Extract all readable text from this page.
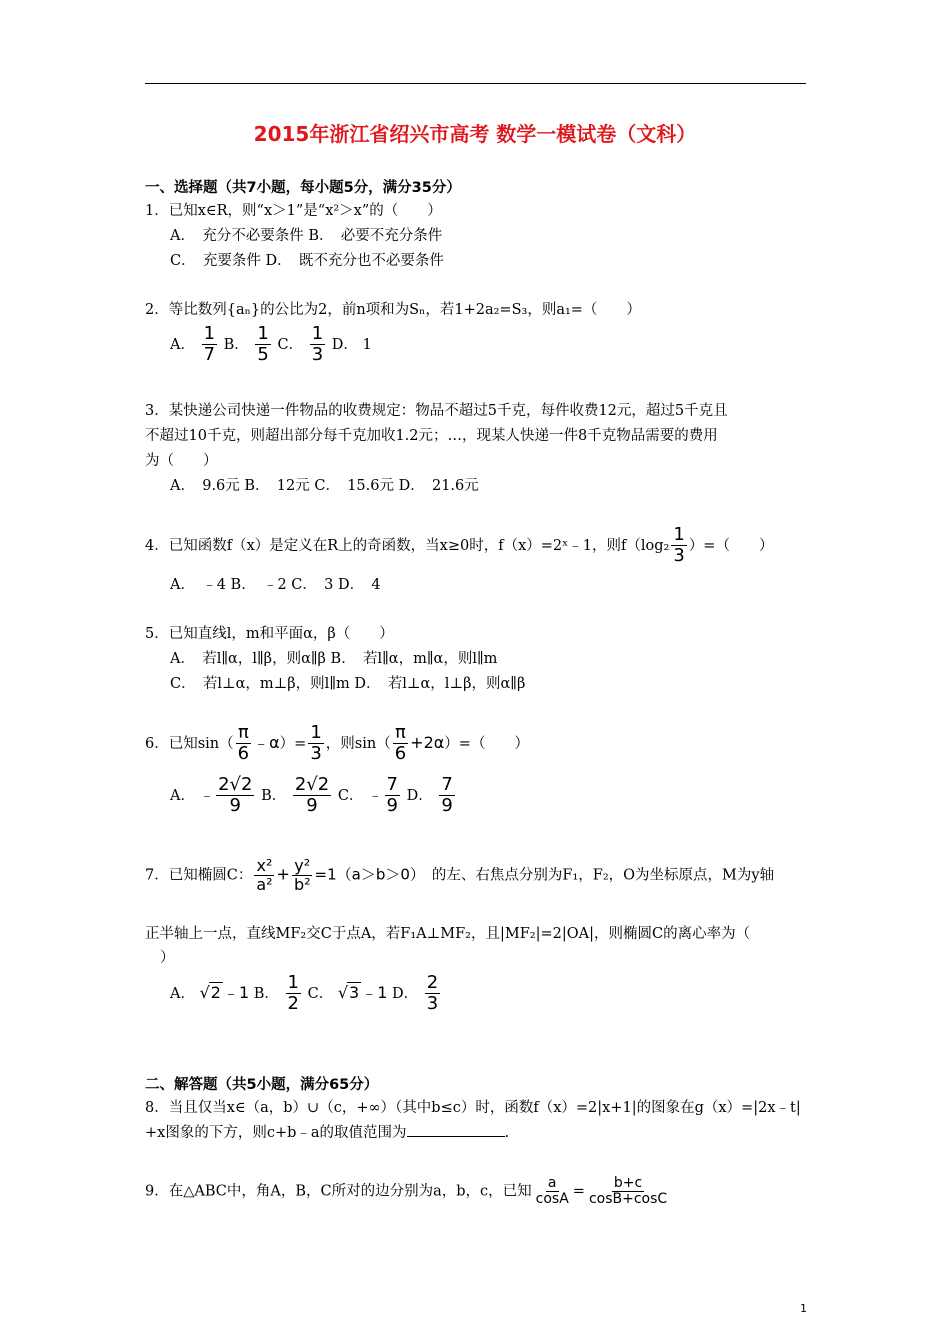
2015年浙江省绍兴市高考 数学一模试卷（文科）
一、选择题（共7小题，每小题5分，满分35分）
1．已知x∈R，则“x＞1”是“x²＞x”的（　　）
A．　充分不必要条件 B．　必要不充分条件
C．　充要条件 D．　既不充分也不必要条件
2．等比数列{aₙ}的公比为2，前n项和为Sₙ，若1+2a₂=S₃，则a₁=（　　）
A． $\frac{1}{7}$ B． $\frac{1}{5}$ C． $\frac{1}{3}$ D． 1
3．某快递公司快递一件物品的收费规定：物品不超过5千克，每件收费12元，超过5千克且
不超过10千克，则超出部分每千克加收1.2元；…，现某人快递一件8千克物品需要的费用
为（　　）
A．　9.6元 B．　12元 C．　15.6元 D．　21.6元
4．已知函数f（x）是定义在R上的奇函数，当x≥0时，f（x）=2ˣ﹣1，则$f(\log_2 \frac{1}{3}$ ）=（　　）
A．　﹣4 B．　﹣2 C．　3 D．　4
5．已知直线l，m和平面α，β（　　）
A．　若l∥α，l∥β，则α∥β B．　若l∥α，m∥α，则l∥m
C．　若l⊥α，m⊥β，则l∥m D．　若l⊥α，l⊥β，则α∥β
6．已知$\sin( \frac{\pi}{6}$ ﹣α）= $\frac{1}{3}$ ，则$\sin( \frac{\pi}{6} +2\alpha)=$（　　）
A． ﹣ $\frac{2√2}{9}$ B． $\frac{2√2}{9}$ C． ﹣ $\frac{7}{9}$ D． $\frac{7}{9}$
7．已知椭圆C： $\frac{\text{x²}}{\text{a²}} + \frac{\text{y²}}{\text{b²}} =1(a>b>0)$　 的左、右焦点分别为F₁，F₂，O为坐标原点，M为y轴
正半轴上一点，直线MF₂交C于点A，若F₁A⊥MF₂，且|MF₂|=2|OA|，则椭圆C的离心率为（
）
A． √2 ﹣1 B． $\frac{1}{2}$ C． √3 ﹣1 D． $\frac{2}{3}$
二、解答题（共5小题，满分65分）
8．当且仅当x∈（a，b）∪（c，+∞）（其中b≤c）时，函数f（x）=2|x+1|的图象在g（x）=|2x﹣t|
+x图象的下方，则c+b﹣a的取值范围为	.
9．在△ABC中，角A，B，C所对的边分别为a，b，c，已知 $\frac{a}{\cos A} = \frac{b+c}{\cos B+\cos C}$
1
